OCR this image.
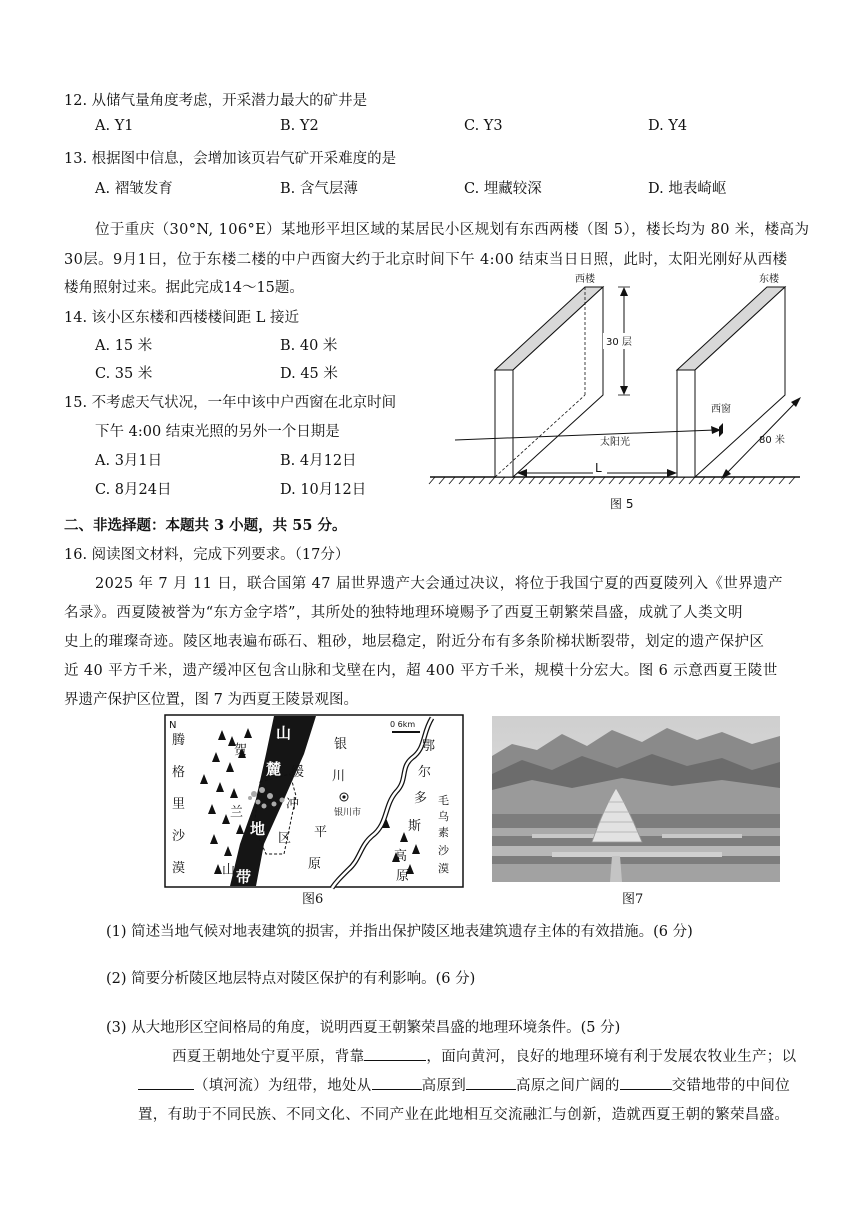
12. 从储气量角度考虑，开采潜力最大的矿井是
A. Y1	B. Y2	C. Y3	D. Y4
13. 根据图中信息，会增加该页岩气矿开采难度的是
A. 褶皱发育	B. 含气层薄	C. 埋藏较深	D. 地表崎岖
位于重庆（30°N, 106°E）某地形平坦区域的某居民小区规划有东西两楼（图 5），楼长均为 80 米，楼高为
30层。9月1日，位于东楼二楼的中户西窗大约于北京时间下午 4:00 结束当日日照，此时，太阳光刚好从西楼
楼角照射过来。据此完成14～15题。
14. 该小区东楼和西楼楼间距 L 接近
A. 15 米	B. 40 米
C. 35 米	D. 45 米
15. 不考虑天气状况，一年中该中户西窗在北京时间
下午 4:00 结束光照的另外一个日期是
A. 3月1日	B. 4月12日
C. 8月24日	D. 10月12日
30 层
西楼	东楼
西窗
太阳光	80 米
L
图 5
二、非选择题：本题共 3 小题，共 55 分。
16. 阅读图文材料，完成下列要求。（17分）
2025 年 7 月 11 日，联合国第 47 届世界遗产大会通过决议，将位于我国宁夏的西夏陵列入《世界遗产
名录》。西夏陵被誉为“东方金字塔”，其所处的独特地理环境赐予了西夏王朝繁荣昌盛，成就了人类文明
史上的璀璨奇迹。陵区地表遍布砾石、粗砂，地层稳定，附近分布有多条阶梯状断裂带，划定的遗产保护区
近 40 平方千米，遗产缓冲区包含山脉和戈壁在内，超 400 平方千米，规模十分宏大。图 6 示意西夏王陵世
界遗产保护区位置，图 7 为西夏王陵景观图。
N	0 6km
银川市
腾
格
里
沙
漠
贺
兰
山
缓
冲
区
银
川
平
原
鄂
尔
多
斯
高
原
毛
乌
素
沙
漠
山
麓
地
带
图6	图7
(1) 简述当地气候对地表建筑的损害，并指出保护陵区地表建筑遗存主体的有效措施。(6 分)
(2) 简要分析陵区地层特点对陵区保护的有利影响。(6 分)
(3) 从大地形区空间格局的角度，说明西夏王朝繁荣昌盛的地理环境条件。(5 分)
西夏王朝地处宁夏平原，背靠	，面向黄河，良好的地理环境有利于发展农牧业生产；以
（填河流）为纽带，地处从	高原到	高原之间广阔的	交错地带的中间位
置，有助于不同民族、不同文化、不同产业在此地相互交流融汇与创新，造就西夏王朝的繁荣昌盛。
